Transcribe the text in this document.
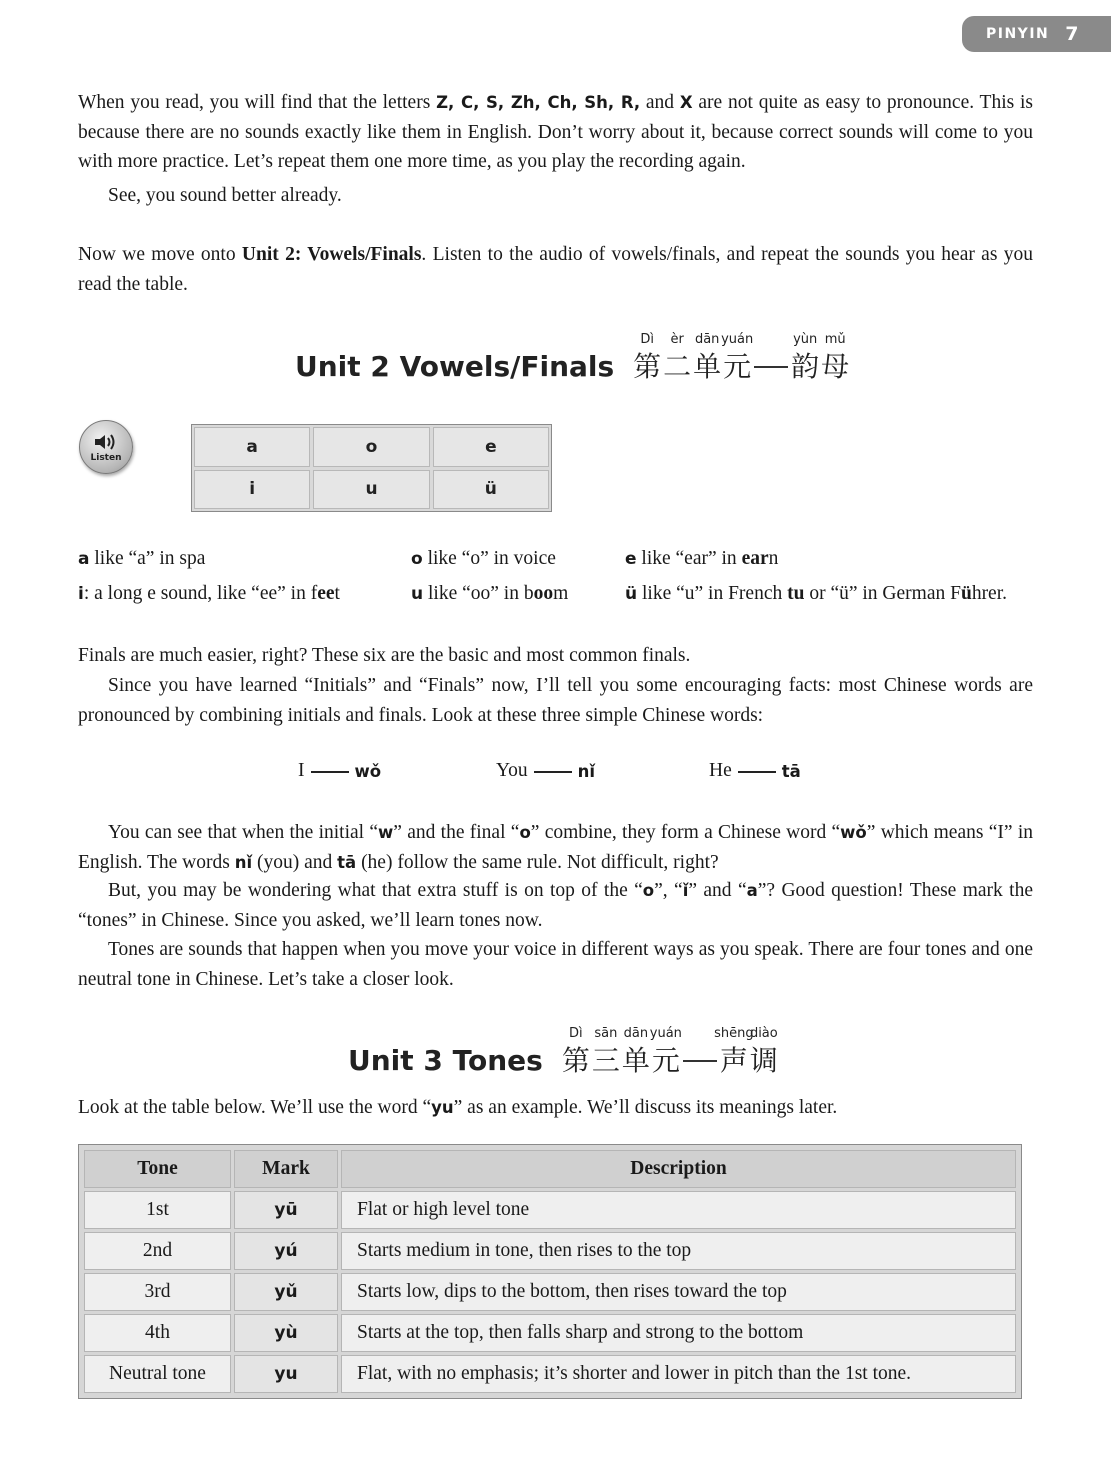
PINYIN 7

When you read, you will find that the letters Z, C, S, Zh, Ch, Sh, R, and X are not quite as easy to pronounce. This is because there are no sounds exactly like them in English. Don’t worry about it, because correct sounds will come to you with more practice. Let’s repeat them one more time, as you play the recording again.

See, you sound better already.

Now we move onto Unit 2: Vowels/Finals. Listen to the audio of vowels/finals, and repeat the sounds you hear as you read the table.

Unit 2 Vowels/Finals
Dì
第
èr
二
dān
单
yuán
元
yùn
韵
mǔ
母
Listen
a	o	e
i	u	ü
a like “a” in spa	o like “o” in voice	e like “ear” in earn
i: a long e sound, like “ee” in feet	u like “oo” in boom	ü like “u” in French tu or “ü” in German Führer.

Finals are much easier, right? These six are the basic and most common finals.

Since you have learned “Initials” and “Finals” now, I’ll tell you some encouraging facts: most Chinese words are pronounced by combining initials and finals. Look at these three simple Chinese words:

I	wǒ	You	nǐ	He	tā

You can see that when the initial “w” and the final “o” combine, they form a Chinese word “wǒ” which means “I” in English. The words nǐ (you) and tā (he) follow the same rule. Not difficult, right?

But, you may be wondering what that extra stuff is on top of the “o”, “ǐ” and “a”? Good question! These mark the “tones” in Chinese. Since you asked, we’ll learn tones now.

Tones are sounds that happen when you move your voice in different ways as you speak. There are four tones and one neutral tone in Chinese. Let’s take a closer look.

Unit 3 Tones
Dì
第
sān
三
dān
单
yuán
元
shēng
声
diào
调

Look at the table below. We’ll use the word “yu” as an example. We’ll discuss its meanings later.

Tone	Mark	Description
1st	yū	Flat or high level tone
2nd	yú	Starts medium in tone, then rises to the top
3rd	yǔ	Starts low, dips to the bottom, then rises toward the top
4th	yù	Starts at the top, then falls sharp and strong to the bottom
Neutral tone	yu	Flat, with no emphasis; it’s shorter and lower in pitch than the 1st tone.
